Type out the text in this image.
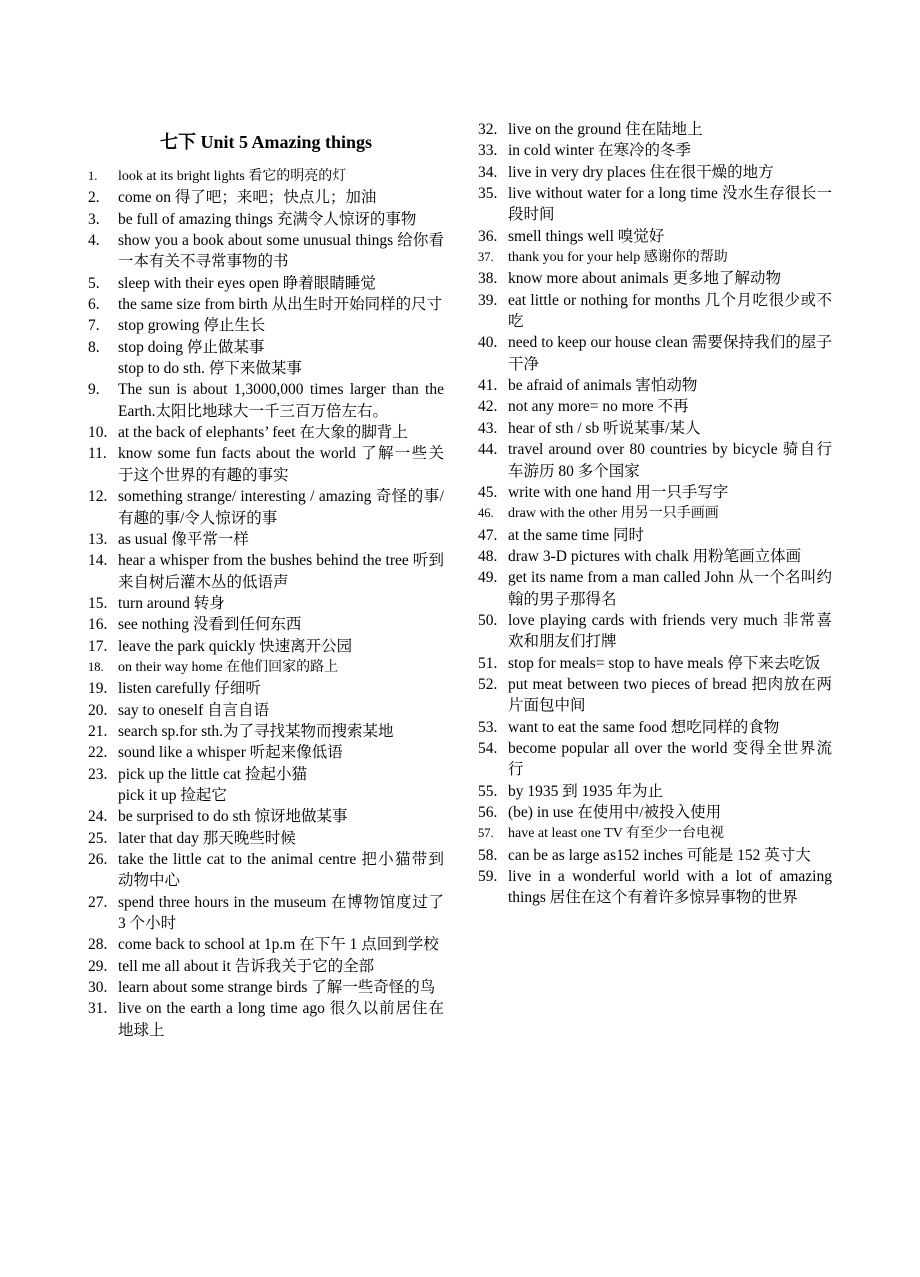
七下 Unit 5 Amazing things
1. look at its bright lights 看它的明亮的灯
2. come on 得了吧；来吧；快点儿；加油
3. be full of amazing things 充满令人惊讶的事物
4. show you a book about some unusual things 给你看一本有关不寻常事物的书
5. sleep with their eyes open 睁着眼睛睡觉
6. the same size from birth 从出生时开始同样的尺寸
7. stop growing 停止生长
8. stop doing 停止做某事
stop to do sth. 停下来做某事
9. The sun is about 1,3000,000 times larger than the Earth.太阳比地球大一千三百万倍左右。
10. at the back of elephants’ feet 在大象的脚背上
11. know some fun facts about the world 了解一些关于这个世界的有趣的事实
12. something strange/ interesting / amazing 奇怪的事/有趣的事/令人惊讶的事
13. as usual 像平常一样
14. hear a whisper from the bushes behind the tree 听到来自树后灌木丛的低语声
15. turn around 转身
16. see nothing 没看到任何东西
17. leave the park quickly 快速离开公园
18. on their way home 在他们回家的路上
19. listen carefully 仔细听
20. say to oneself 自言自语
21. search sp.for sth.为了寻找某物而搜索某地
22. sound like a whisper 听起来像低语
23. pick up the little cat 捡起小猫
pick it up 捡起它
24. be surprised to do sth 惊讶地做某事
25. later that day 那天晚些时候
26. take the little cat to the animal centre 把小猫带到动物中心
27. spend three hours in the museum 在博物馆度过了 3 个小时
28. come back to school at 1p.m 在下午 1 点回到学校
29. tell me all about it 告诉我关于它的全部
30. learn about some strange birds 了解一些奇怪的鸟
31. live on the earth a long time ago 很久以前居住在地球上
32. live on the ground 住在陆地上
33. in cold winter 在寒冷的冬季
34. live in very dry places 住在很干燥的地方
35. live without water for a long time 没水生存很长一段时间
36. smell things well 嗅觉好
37. thank you for your help 感谢你的帮助
38. know more about animals 更多地了解动物
39. eat little or nothing for months 几个月吃很少或不吃
40. need to keep our house clean 需要保持我们的屋子干净
41. be afraid of animals 害怕动物
42. not any more= no more 不再
43. hear of sth / sb 听说某事/某人
44. travel around over 80 countries by bicycle 骑自行车游历 80 多个国家
45. write with one hand 用一只手写字
46. draw with the other 用另一只手画画
47. at the same time 同时
48. draw 3-D pictures with chalk 用粉笔画立体画
49. get its name from a man called John 从一个名叫约翰的男子那得名
50. love playing cards with friends very much 非常喜欢和朋友们打牌
51. stop for meals= stop to have meals 停下来去吃饭
52. put meat between two pieces of bread 把肉放在两片面包中间
53. want to eat the same food 想吃同样的食物
54. become popular all over the world 变得全世界流行
55. by 1935 到 1935 年为止
56. (be) in use 在使用中/被投入使用
57. have at least one TV 有至少一台电视
58. can be as large as152 inches 可能是 152 英寸大
59. live in a wonderful world with a lot of amazing things 居住在这个有着许多惊异事物的世界
